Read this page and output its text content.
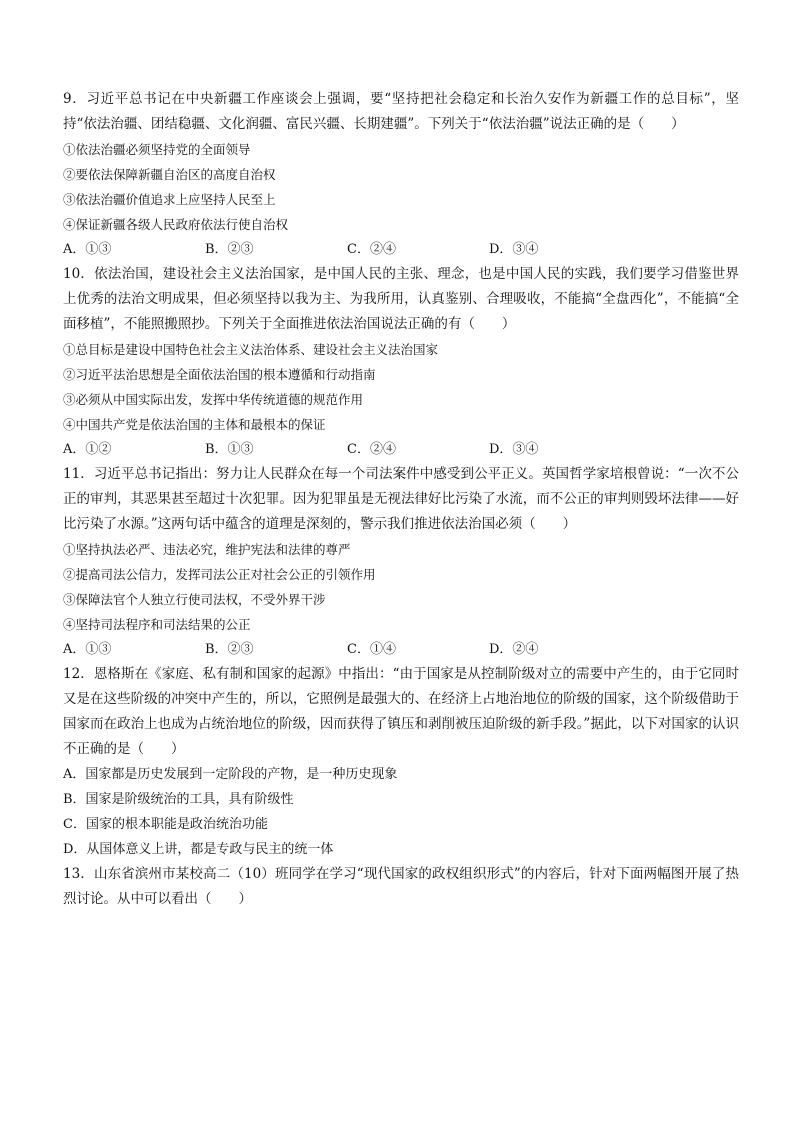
9．习近平总书记在中央新疆工作座谈会上强调，要“坚持把社会稳定和长治久安作为新疆工作的总目标”，坚持“依法治疆、团结稳疆、文化润疆、富民兴疆、长期建疆”。下列关于“依法治疆”说法正确的是（　　）

①依法治疆必须坚持党的全面领导

②要依法保障新疆自治区的高度自治权

③依法治疆价值追求上应坚持人民至上

④保证新疆各级人民政府依法行使自治权

A．①③	B．②③	C．②④	D．③④

10．依法治国，建设社会主义法治国家，是中国人民的主张、理念，也是中国人民的实践，我们要学习借鉴世界上优秀的法治文明成果，但必须坚持以我为主、为我所用，认真鉴别、合理吸收，不能搞“全盘西化”，不能搞“全面移植”，不能照搬照抄。下列关于全面推进依法治国说法正确的有（　　）

①总目标是建设中国特色社会主义法治体系、建设社会主义法治国家

②习近平法治思想是全面依法治国的根本遵循和行动指南

③必须从中国实际出发，发挥中华传统道德的规范作用

④中国共产党是依法治国的主体和最根本的保证

A．①②	B．①③	C．②④	D．③④

11．习近平总书记指出：努力让人民群众在每一个司法案件中感受到公平正义。英国哲学家培根曾说：“一次不公正的审判，其恶果甚至超过十次犯罪。因为犯罪虽是无视法律好比污染了水流，而不公正的审判则毁坏法律——好比污染了水源。”这两句话中蕴含的道理是深刻的，警示我们推进依法治国必须（　　）

①坚持执法必严、违法必究，维护宪法和法律的尊严

②提高司法公信力，发挥司法公正对社会公正的引领作用

③保障法官个人独立行使司法权，不受外界干涉

④坚持司法程序和司法结果的公正

A．①③	B．②③	C．①④	D．②④

12．恩格斯在《家庭、私有制和国家的起源》中指出：“由于国家是从控制阶级对立的需要中产生的，由于它同时又是在这些阶级的冲突中产生的，所以，它照例是最强大的、在经济上占地治地位的阶级的国家，这个阶级借助于国家而在政治上也成为占统治地位的阶级，因而获得了镇压和剥削被压迫阶级的新手段。”据此，以下对国家的认识不正确的是（　　）

A．国家都是历史发展到一定阶段的产物，是一种历史现象

B．国家是阶级统治的工具，具有阶级性

C．国家的根本职能是政治统治功能

D．从国体意义上讲，都是专政与民主的统一体

13．山东省滨州市某校高二（10）班同学在学习“现代国家的政权组织形式”的内容后，针对下面两幅图开展了热烈讨论。从中可以看出（　　）
